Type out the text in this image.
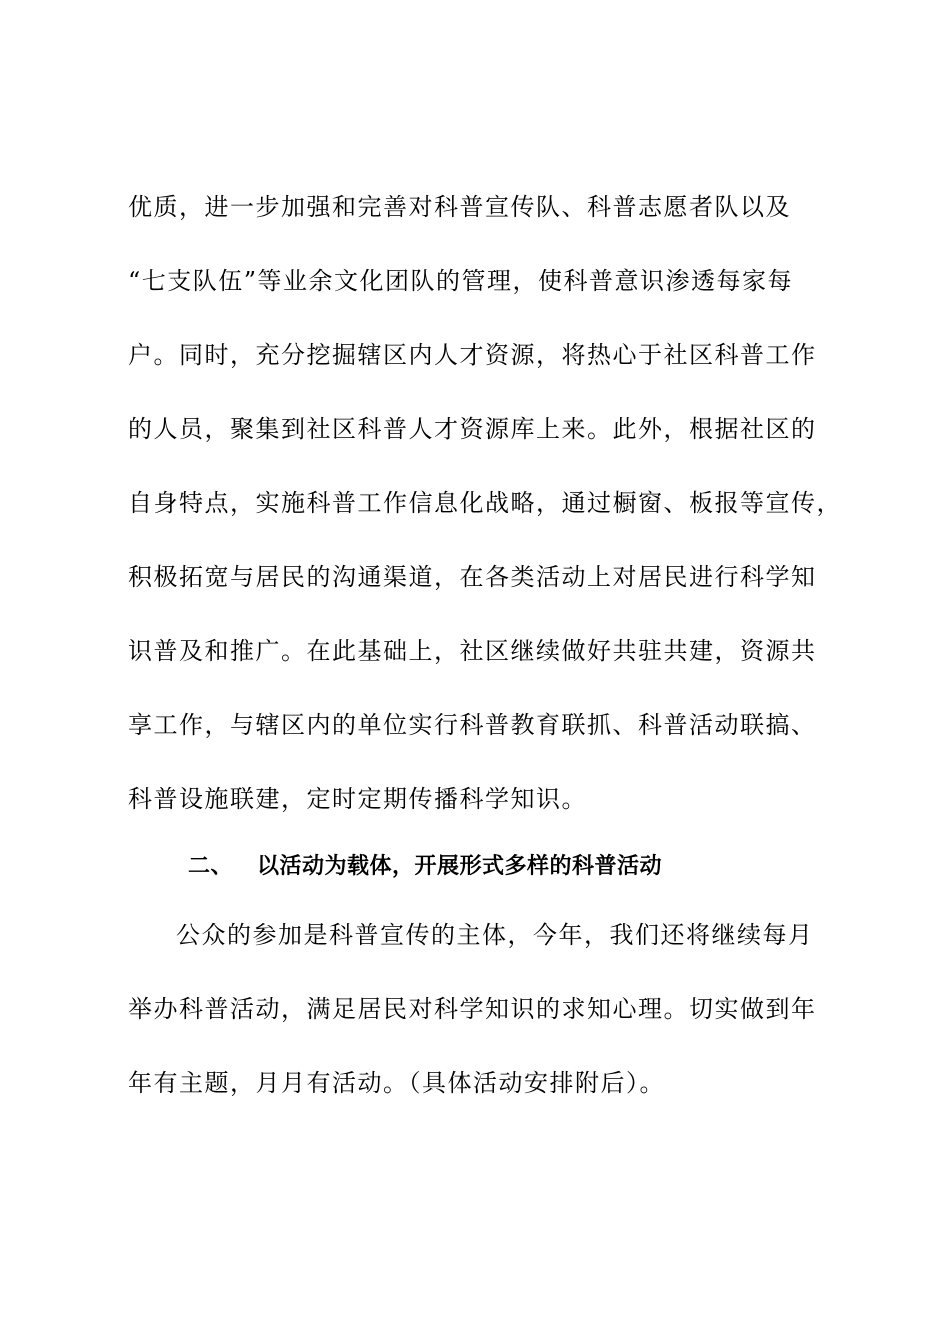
优质，进一步加强和完善对科普宣传队、科普志愿者队以及
“七支队伍”等业余文化团队的管理，使科普意识渗透每家每
户。同时，充分挖掘辖区内人才资源，将热心于社区科普工作
的人员，聚集到社区科普人才资源库上来。此外，根据社区的
自身特点，实施科普工作信息化战略，通过橱窗、板报等宣传，
积极拓宽与居民的沟通渠道，在各类活动上对居民进行科学知
识普及和推广。在此基础上，社区继续做好共驻共建，资源共
享工作，与辖区内的单位实行科普教育联抓、科普活动联搞、
科普设施联建，定时定期传播科学知识。
二、 以活动为载体，开展形式多样的科普活动
公众的参加是科普宣传的主体，今年，我们还将继续每月
举办科普活动，满足居民对科学知识的求知心理。切实做到年
年有主题，月月有活动。（具体活动安排附后）。
